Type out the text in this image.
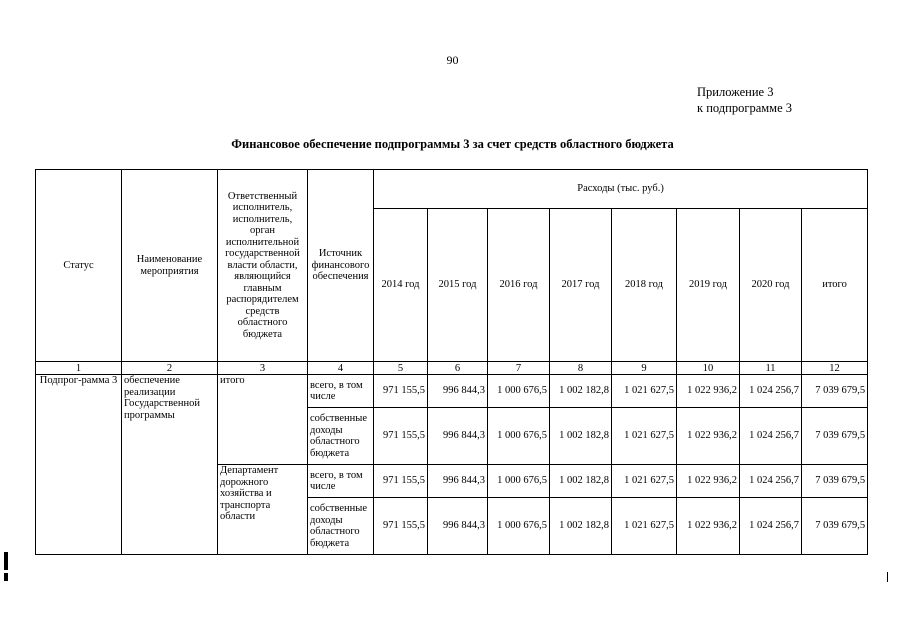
90
Приложение 3
к подпрограмме 3
Финансовое обеспечение подпрограммы 3 за счет средств областного бюджета
Статус	Наименование мероприятия	Ответственный исполнитель, исполнитель, орган исполнительной государственной власти области, являющийся главным распорядителем средств областного бюджета	Источник финансового обеспечения	Расходы (тыс. руб.)							
				2014 год	2015 год	2016 год	2017 год	2018 год	2019 год	2020 год	итого
1	2	3	4	5	6	7	8	9	10	11	12
Подпрог-рамма 3	обеспечение реализации Государственной программы	итого	всего, в том числе	971 155,5	996 844,3	1 000 676,5	1 002 182,8	1 021 627,5	1 022 936,2	1 024 256,7	7 039 679,5
			собственные доходы областного бюджета	971 155,5	996 844,3	1 000 676,5	1 002 182,8	1 021 627,5	1 022 936,2	1 024 256,7	7 039 679,5
		Департамент дорожного хозяйства и транспорта области	всего, в том числе	971 155,5	996 844,3	1 000 676,5	1 002 182,8	1 021 627,5	1 022 936,2	1 024 256,7	7 039 679,5
			собственные доходы областного бюджета	971 155,5	996 844,3	1 000 676,5	1 002 182,8	1 021 627,5	1 022 936,2	1 024 256,7	7 039 679,5
